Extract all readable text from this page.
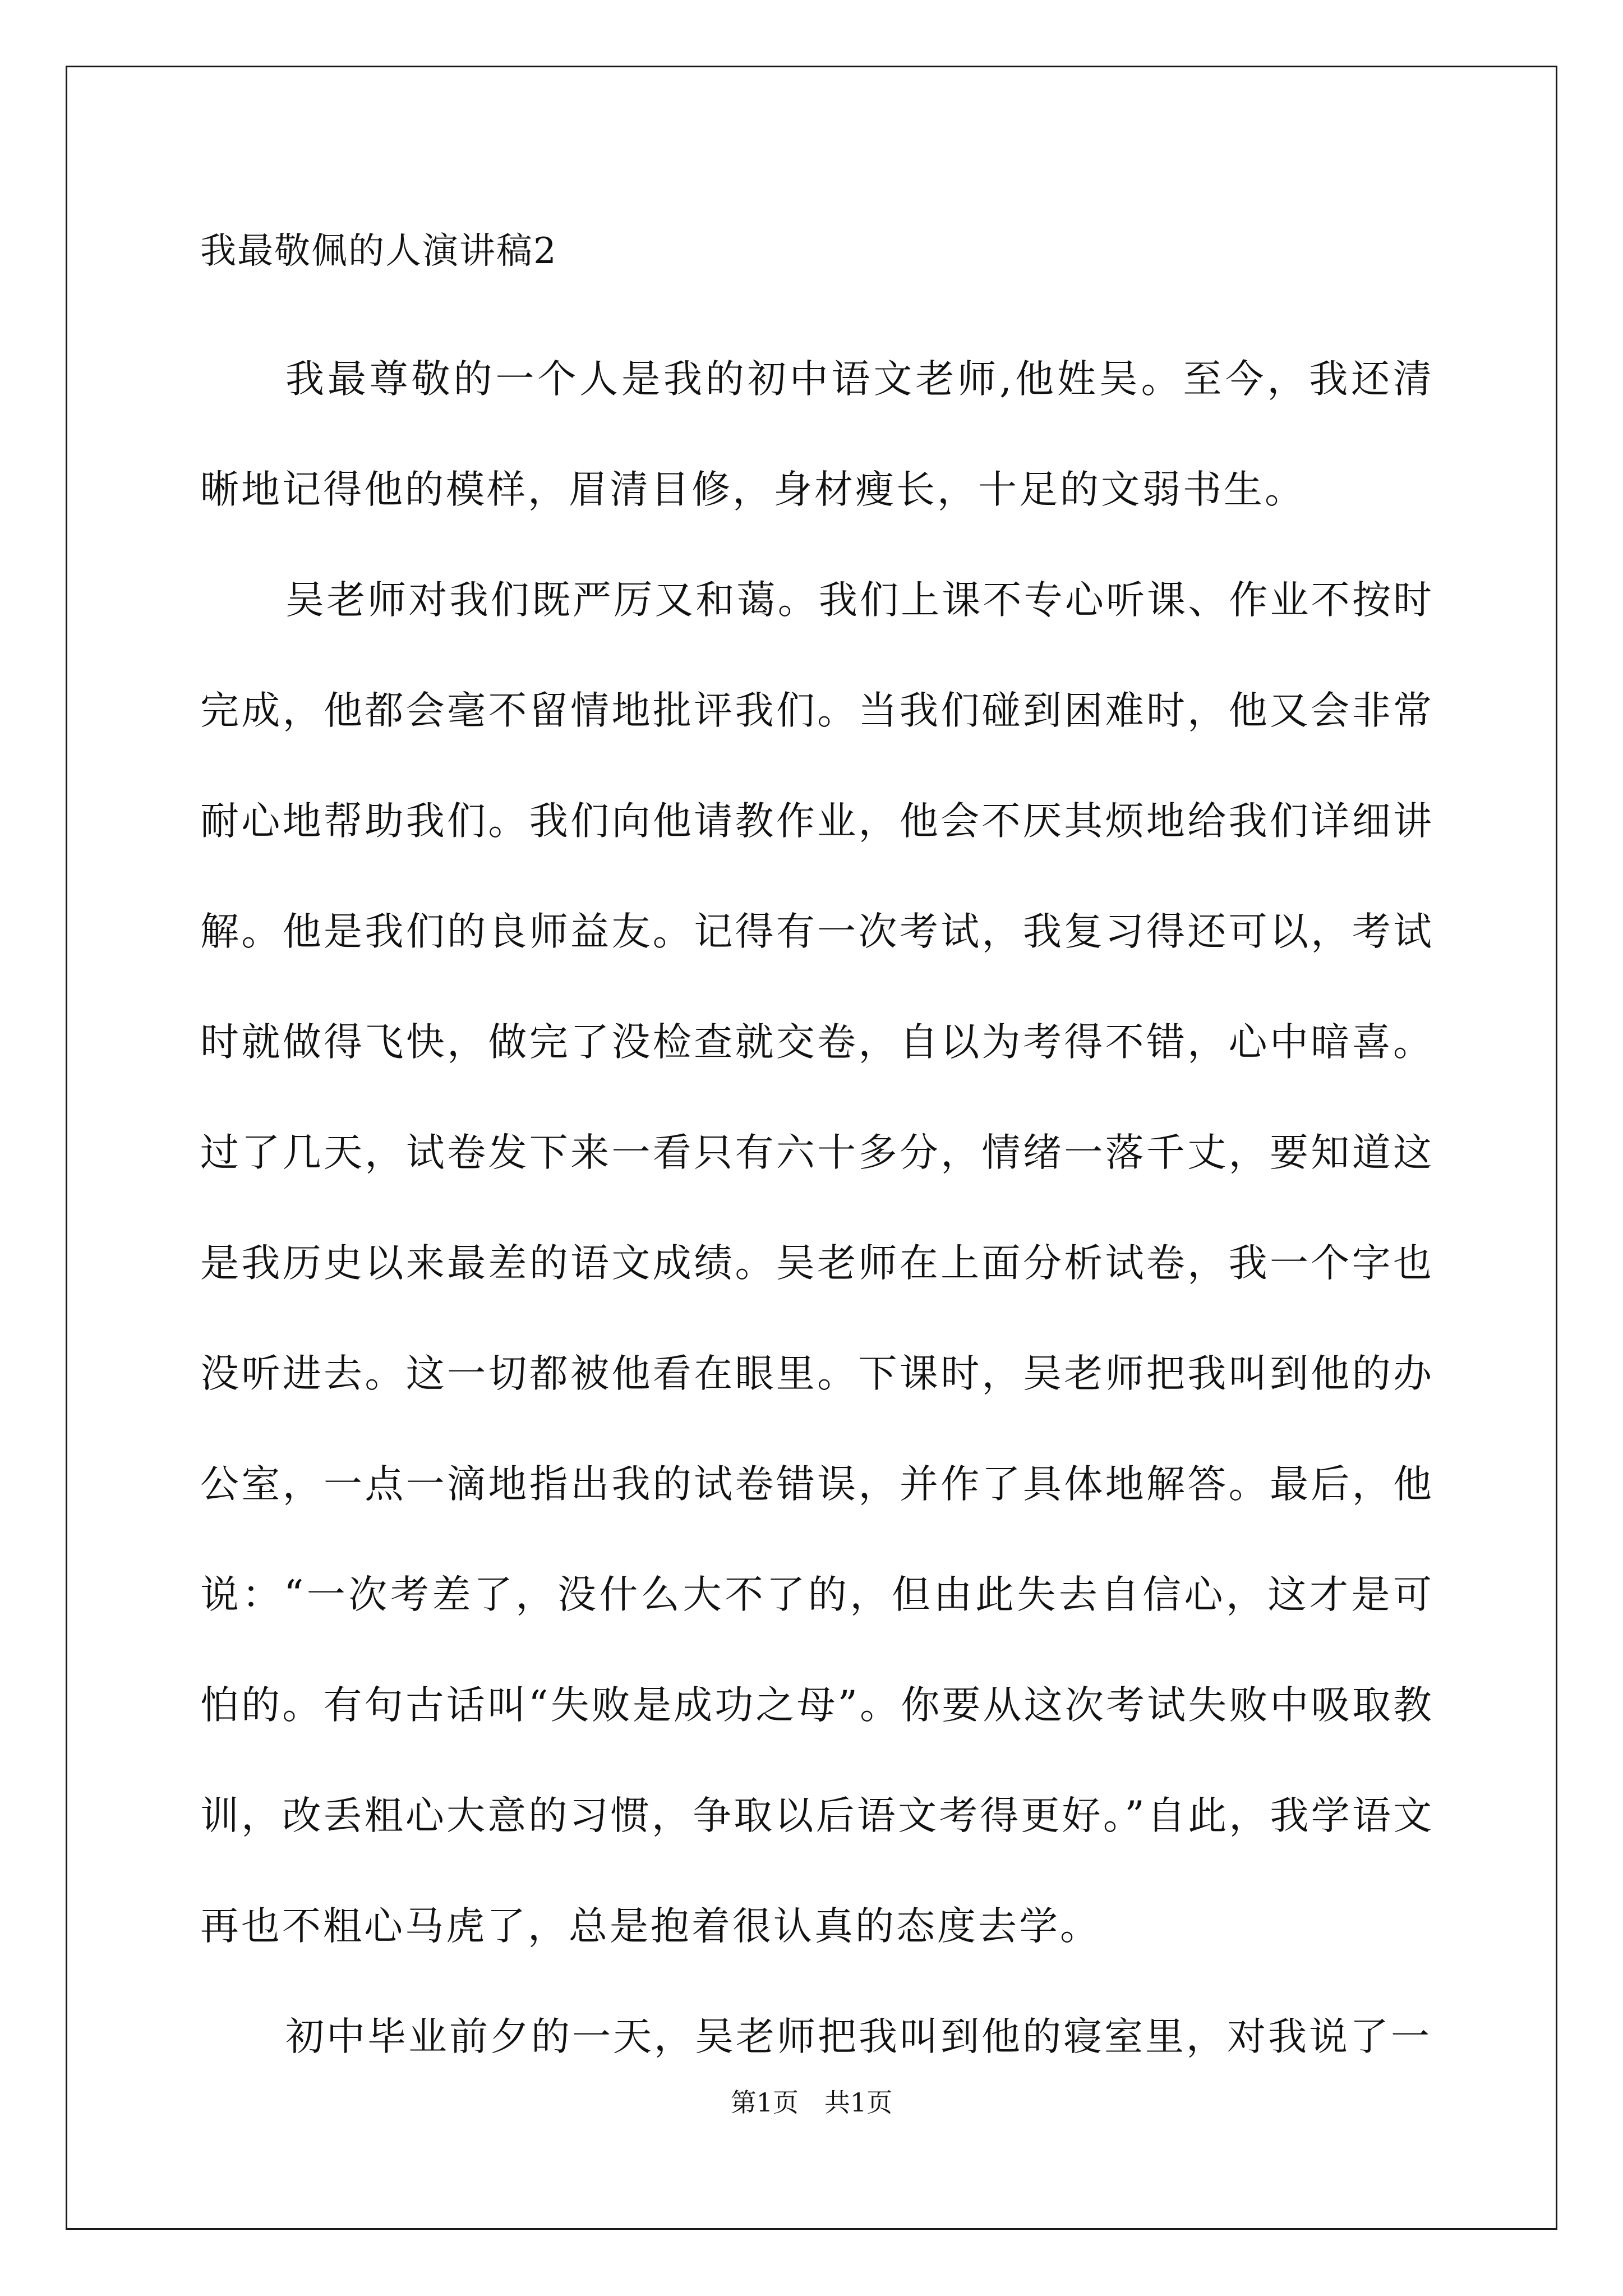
我最敬佩的人演讲稿2

我最尊敬的一个人是我的初中语文老师,他姓吴。至今，我还清晰地记得他的模样，眉清目修，身材瘦长，十足的文弱书生。

吴老师对我们既严厉又和蔼。我们上课不专心听课、作业不按时完成，他都会毫不留情地批评我们。当我们碰到困难时，他又会非常耐心地帮助我们。我们向他请教作业，他会不厌其烦地给我们详细讲解。他是我们的良师益友。记得有一次考试，我复习得还可以，考试时就做得飞快，做完了没检查就交卷，自以为考得不错，心中暗喜。过了几天，试卷发下来一看只有六十多分，情绪一落千丈，要知道这是我历史以来最差的语文成绩。吴老师在上面分析试卷，我一个字也没听进去。这一切都被他看在眼里。下课时，吴老师把我叫到他的办公室，一点一滴地指出我的试卷错误，并作了具体地解答。最后，他说：“一次考差了，没什么大不了的，但由此失去自信心，这才是可怕的。有句古话叫“失败是成功之母”。你要从这次考试失败中吸取教训，改丢粗心大意的习惯，争取以后语文考得更好。”自此，我学语文再也不粗心马虎了，总是抱着很认真的态度去学。

初中毕业前夕的一天，吴老师把我叫到他的寝室里，对我说了一

第1页　共1页
